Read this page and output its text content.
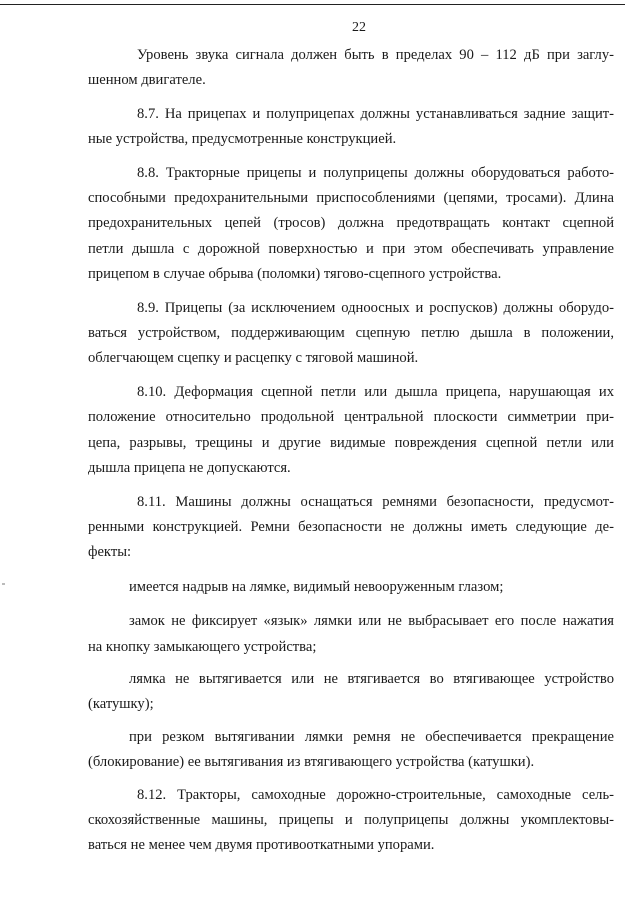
22
Уровень звука сигнала должен быть в пределах 90 – 112 дБ при заглу-
шенном двигателе.
8.7. На прицепах и полуприцепах должны устанавливаться задние защит-
ные устройства, предусмотренные конструкцией.
8.8. Тракторные прицепы и полуприцепы должны оборудоваться работо-
способными предохранительными приспособлениями (цепями, тросами). Длина
предохранительных цепей (тросов) должна предотвращать контакт сцепной
петли дышла с дорожной поверхностью и при этом обеспечивать управление
прицепом в случае обрыва (поломки) тягово-сцепного устройства.
8.9. Прицепы (за исключением одноосных и роспусков) должны оборудо-
ваться устройством, поддерживающим сцепную петлю дышла в положении,
облегчающем сцепку и расцепку с тяговой машиной.
8.10. Деформация сцепной петли или дышла прицепа, нарушающая их
положение относительно продольной центральной плоскости симметрии при-
цепа, разрывы, трещины и другие видимые повреждения сцепной петли или
дышла прицепа не допускаются.
8.11. Машины должны оснащаться ремнями безопасности, предусмот-
ренными конструкцией. Ремни безопасности не должны иметь следующие де-
фекты:
имеется надрыв на лямке, видимый невооруженным глазом;
замок не фиксирует «язык» лямки или не выбрасывает его после нажатия
на кнопку замыкающего устройства;
лямка не вытягивается или не втягивается во втягивающее устройство
(катушку);
при резком вытягивании лямки ремня не обеспечивается прекращение
(блокирование) ее вытягивания из втягивающего устройства (катушки).
8.12. Тракторы, самоходные дорожно-строительные, самоходные сель-
скохозяйственные машины, прицепы и полуприцепы должны укомплектовы-
ваться не менее чем двумя противооткатными упорами.
